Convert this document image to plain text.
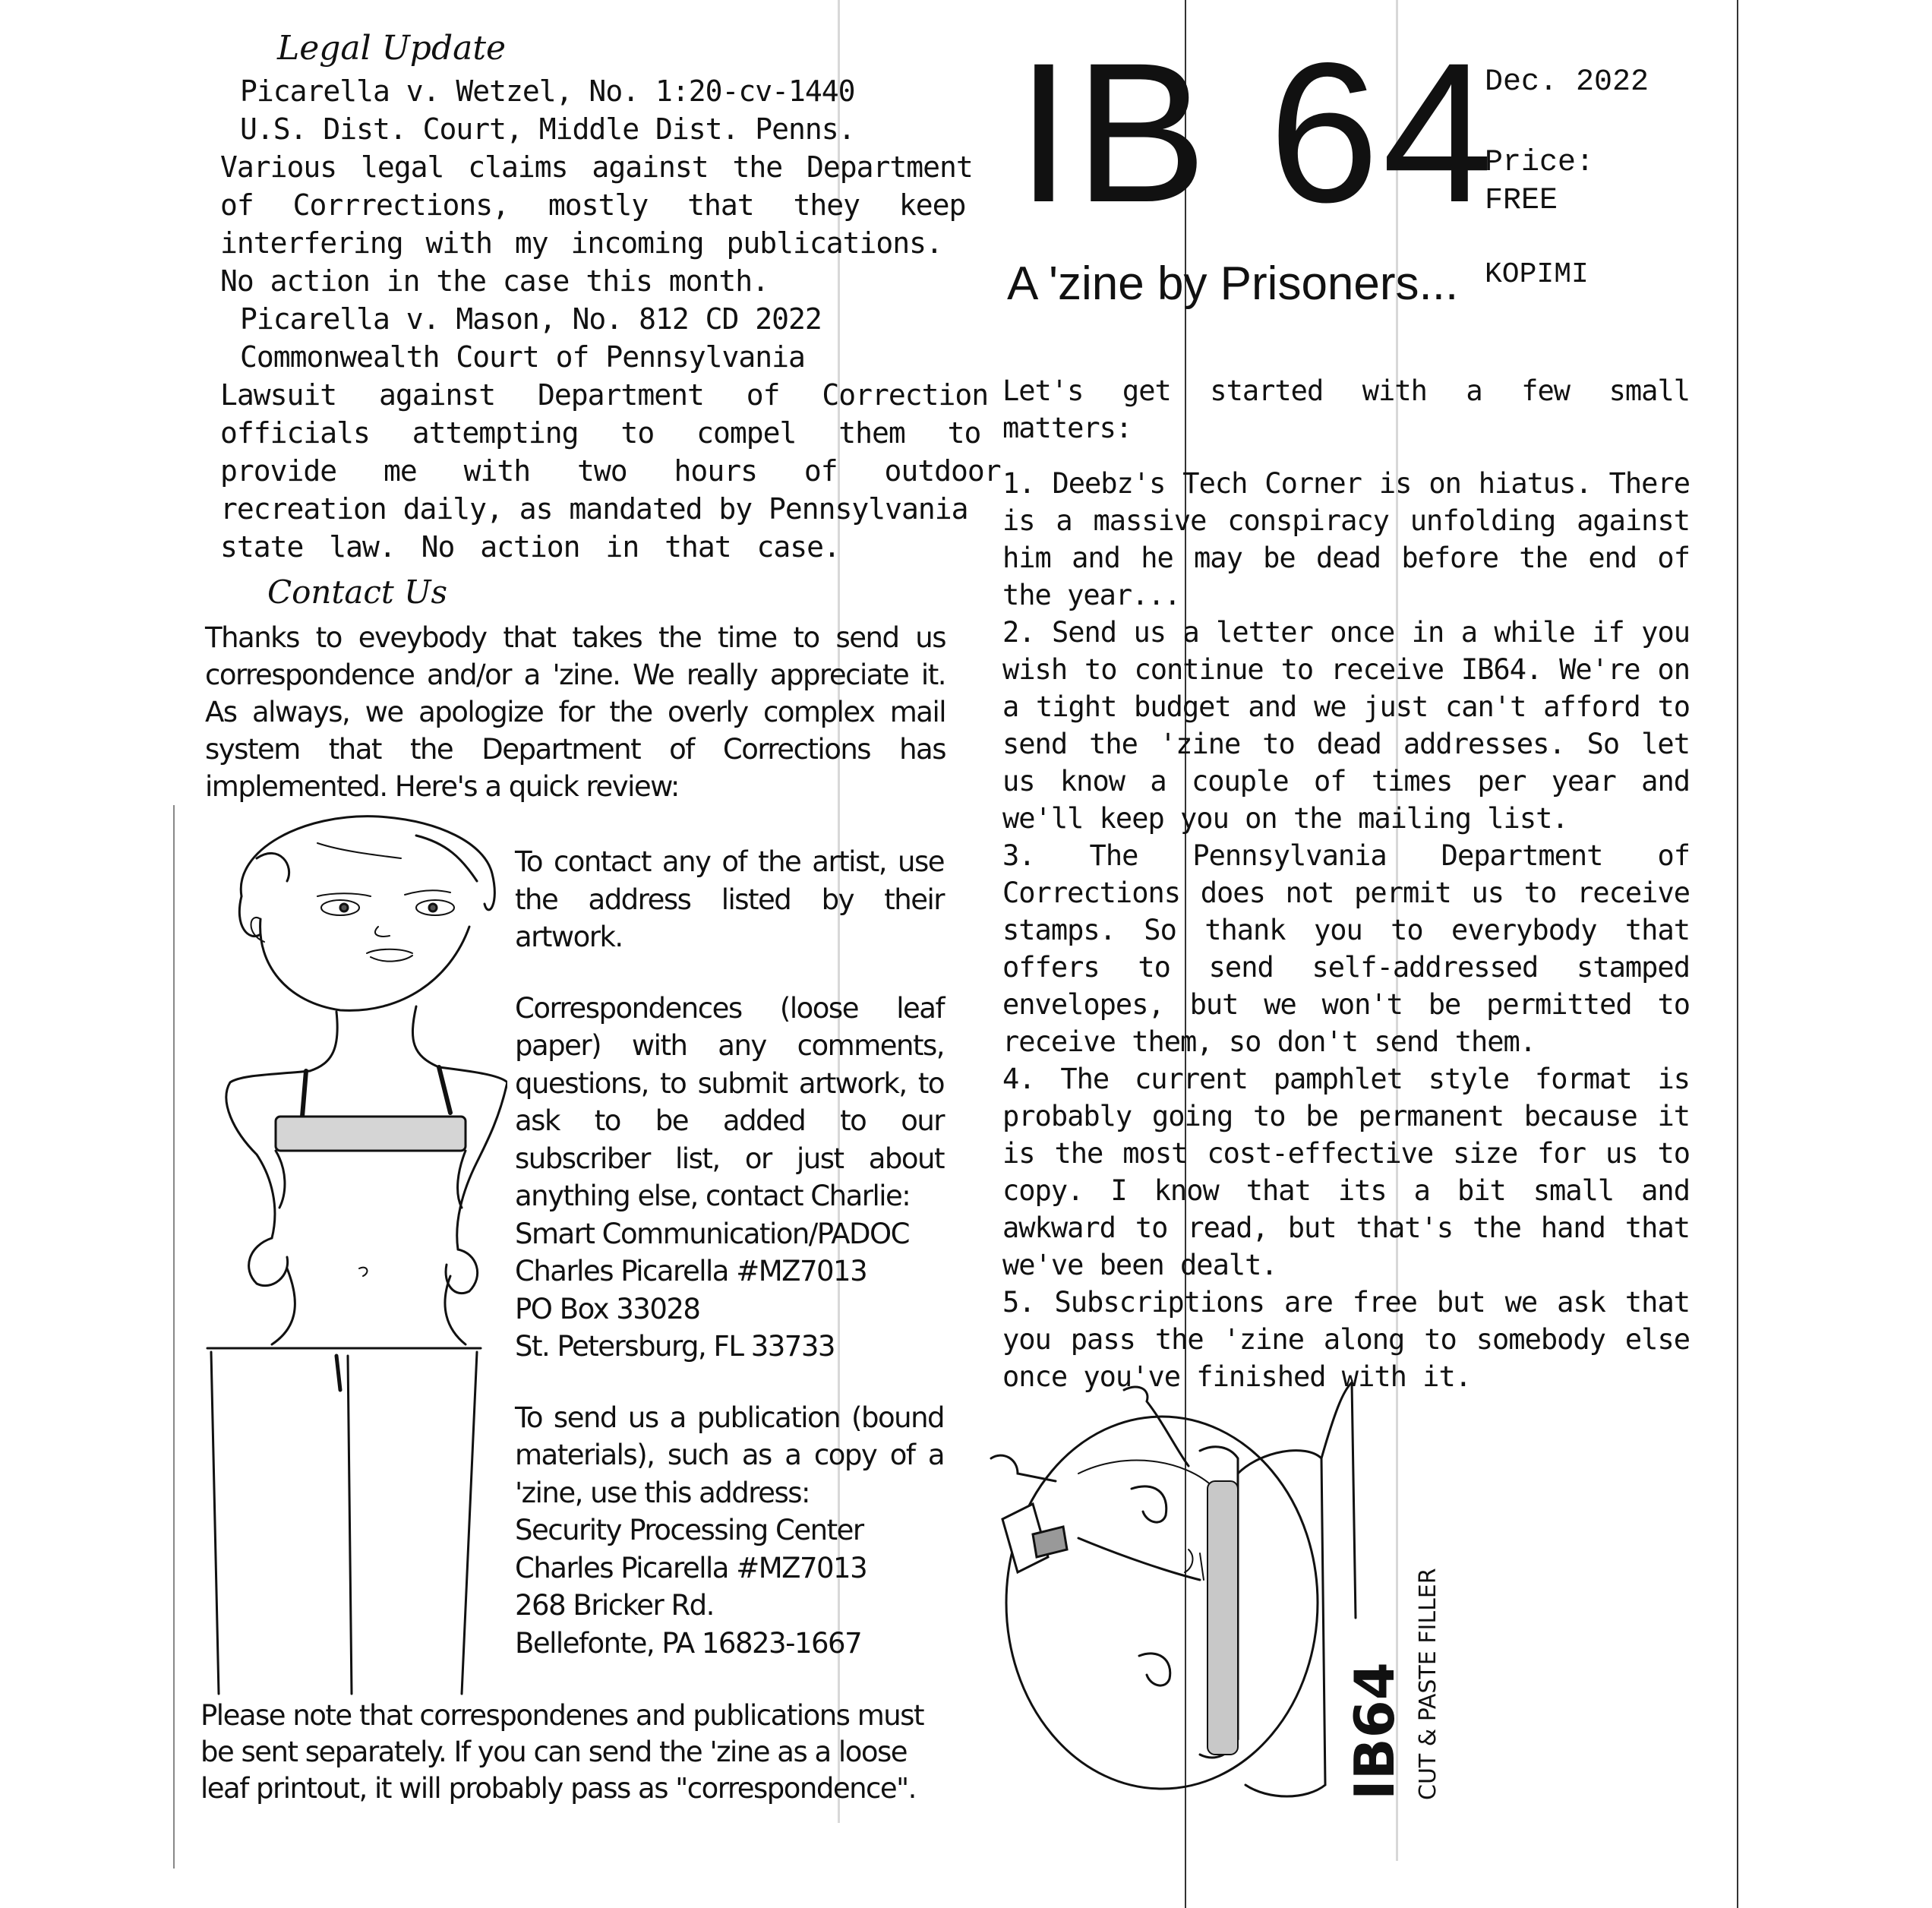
Legal Update
Picarella v. Wetzel, No. 1:20-cv-1440
U.S. Dist. Court, Middle Dist. Penns.
Various legal claims against the Department
of Corrrections, mostly that they keep
interfering with my incoming publications.
No action in the case this month.
Picarella v. Mason, No. 812 CD 2022
Commonwealth Court of Pennsylvania
Lawsuit against Department of Correction
officials attempting to compel them to
provide me with two hours of outdoor
recreation daily, as mandated by Pennsylvania
state law. No action in that case.
Contact Us
Thanks to eveybody that takes the time to send us correspondence and/or a 'zine. We really appreciate it. As always, we apologize for the overly complex mail system that the Department of Corrections has implemented. Here's a quick review:

To contact any of the artist, use the address listed by their artwork.

Correspondences (loose leaf paper) with any comments, questions, to submit artwork, to ask to be added to our subscriber list, or just about anything else, contact Charlie:
Smart Communication/PADOC
Charles Picarella #MZ7013
PO Box 33028
St. Petersburg, FL 33733
To send us a publication (bound materials), such as a copy of a 'zine, use this address:
Security Processing Center
Charles Picarella #MZ7013
268 Bricker Rd.
Bellefonte, PA 16823-1667
Please note that correspondenes and publications must be sent separately. If you can send the 'zine as a loose leaf printout, it will probably pass as "correspondence".
IB 64
Dec. 2022
Price:
FREE
A 'zine by Prisoners... KOPIMI
Let's get started with a few small matters:
1. Deebz's Tech Corner is on hiatus. There is a massive conspiracy unfolding against him and he may be dead before the end of the year...
2. Send us a letter once in a while if you wish to continue to receive IB64. We're on a tight budget and we just can't afford to send the 'zine to dead addresses. So let us know a couple of times per year and we'll keep you on the mailing list.
3. The Pennsylvania Department of Corrections does not permit us to receive stamps. So thank you to everybody that offers to send self-addressed stamped envelopes, but we won't be permitted to receive them, so don't send them.
4. The current pamphlet style format is probably going to be permanent because it is the most cost-effective size for us to copy. I know that its a bit small and awkward to read, but that's the hand that we've been dealt.
5. Subscriptions are free but we ask that you pass the 'zine along to somebody else once you've finished with it.
IB64 CUT & PASTE FILLER
